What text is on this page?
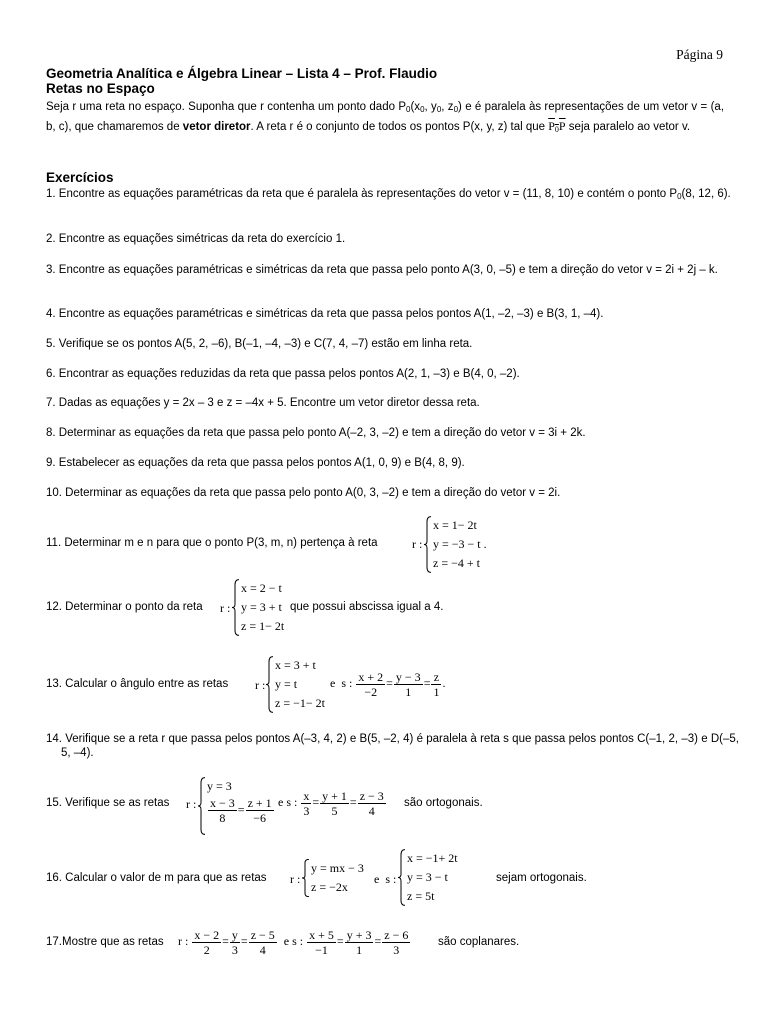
Página 9
Geometria Analítica e Álgebra Linear – Lista 4 – Prof. Flaudio
Retas no Espaço
Seja r uma reta no espaço. Suponha que r contenha um ponto dado $P_0(x_0$, $y_0$, $z_0$) e é paralela às representações de um vetor v = (a, b, c), que chamaremos de vetor diretor. A reta r é o conjunto de todos os pontos P(x, y, z) tal que $P_0P$ seja paralelo ao vetor v.
Exercícios
1. Encontre as equações paramétricas da reta que é paralela às representações do vetor v = (11, 8, 10) e contém o ponto $P_0(8$, 12, 6).
2. Encontre as equações simétricas da reta do exercício 1.
3. Encontre as equações paramétricas e simétricas da reta que passa pelo ponto A(3, 0, –5) e tem a direção do vetor v = 2i + 2j – k.
4. Encontre as equações paramétricas e simétricas da reta que passa pelos pontos A(1, –2, –3) e B(3, 1, –4).
5. Verifique se os pontos A(5, 2, –6), B(–1, –4, –3) e C(7, 4, –7) estão em linha reta.
6. Encontrar as equações reduzidas da reta que passa pelos pontos A(2, 1, –3) e B(4, 0, –2).
7. Dadas as equações y = 2x – 3 e z = –4x + 5. Encontre um vetor diretor dessa reta.
8. Determinar as equações da reta que passa pelo ponto A(–2, 3, –2) e tem a direção do vetor v = 3i + 2k.
9. Estabelecer as equações da reta que passa pelos pontos A(1, 0, 9) e B(4, 8, 9).
10. Determinar as equações da reta que passa pelo ponto A(0, 3, –2) e tem a direção do vetor v = 2i.
11. Determinar m e n para que o ponto P(3, m, n) pertença à reta	r :
x = 1− 2t
y = −3 − t .
z = −4 + t
12. Determinar o ponto da reta r :
x = 2 − t
y = 3 + t
z = 1− 2t
que possui abscissa igual a 4.
13. Calcular o ângulo entre as retas r :
x = 3 + t
y = t
z = −1− 2t
e s : $\frac{x + 2}{-2} = \frac{y - 3}{1} = \frac{z}{1}$ .
14. Verifique se a reta r que passa pelos pontos A(–3, 4, 2) e B(5, –2, 4) é paralela à reta s que passa pelos pontos C(–1, 2, –3) e D(–5, 5, –4).
15. Verifique se as retas r :
y = 3
$\frac{x - 3}{8} = \frac{z + 1}{-6}$ e s : $\frac{x}{3} = \frac{y + 1}{5} = \frac{z - 3}{4}$ são ortogonais.
16. Calcular o valor de m para que as retas r :
y = mx − 3
z = −2x
e s :
x = −1+ 2t
y = 3 − t
z = 5t
sejam ortogonais.
17.Mostre que as retas r : $\frac{x - 2}{2} = \frac{y}{3} = \frac{z - 5}{4}$ e s : $\frac{x + 5}{-1} = \frac{y + 3}{1} = \frac{z - 6}{3}$ são coplanares.
